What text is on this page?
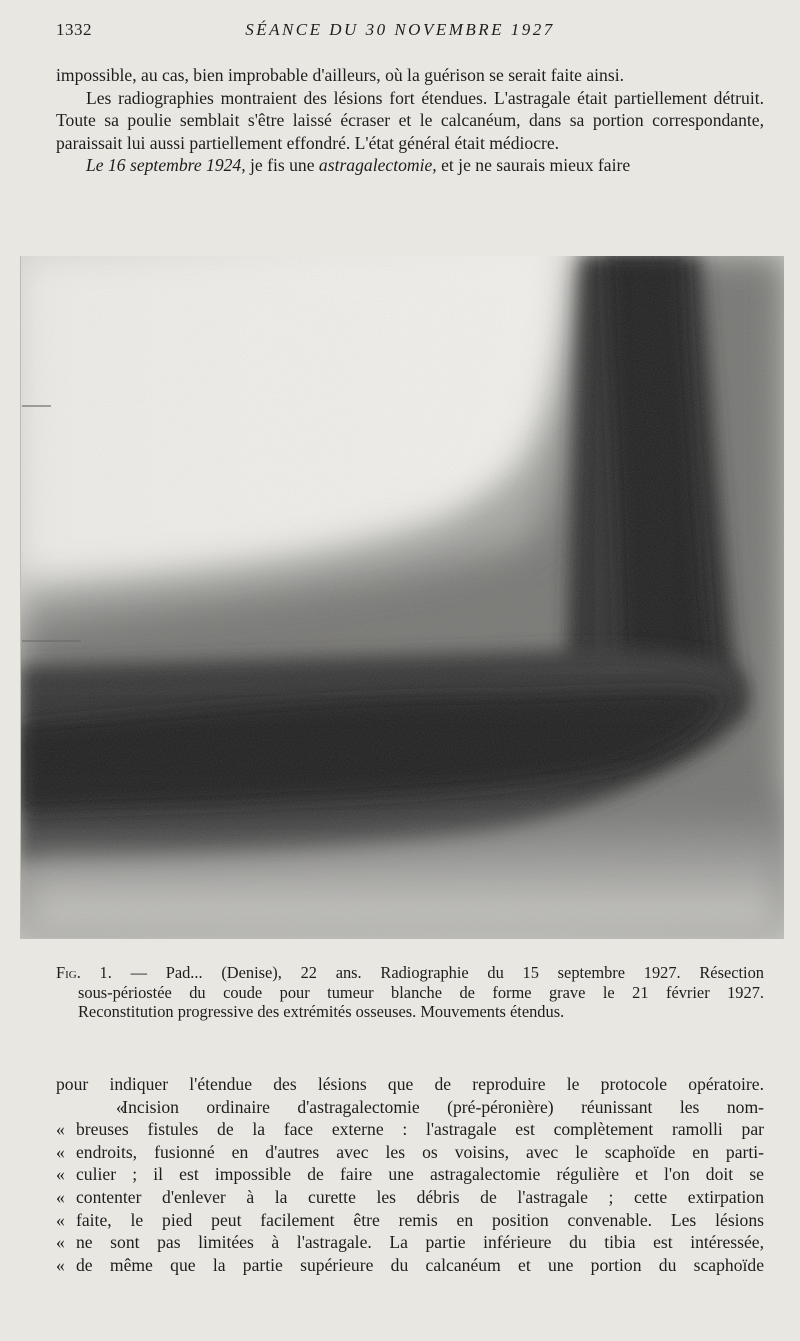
1332	SÉANCE DU 30 NOVEMBRE 1927

impossible, au cas, bien improbable d'ailleurs, où la guérison se serait faite ainsi.

Les radiographies montraient des lésions fort étendues. L'astragale était partiellement détruit. Toute sa poulie semblait s'être laissé écraser et le calcanéum, dans sa portion correspondante, paraissait lui aussi partiellement effondré. L'état général était médiocre.

Le 16 septembre 1924, je fis une astragalectomie, et je ne saurais mieux faire

Fig. 1. — Pad... (Denise), 22 ans. Radiographie du 15 septembre 1927. Résection
sous-périostée du coude pour tumeur blanche de forme grave le 21 février 1927.
Reconstitution progressive des extrémités osseuses. Mouvements étendus.
pour indiquer l'étendue des lésions que de reproduire le protocole opératoire.
« Incision ordinaire d'astragalectomie (pré-péronière) réunissant les nom-
« breuses fistules de la face externe : l'astragale est complètement ramolli par
« endroits, fusionné en d'autres avec les os voisins, avec le scaphoïde en parti-
« culier ; il est impossible de faire une astragalectomie régulière et l'on doit se
« contenter d'enlever à la curette les débris de l'astragale ; cette extirpation
« faite, le pied peut facilement être remis en position convenable. Les lésions
« ne sont pas limitées à l'astragale. La partie inférieure du tibia est intéressée,
« de même que la partie supérieure du calcanéum et une portion du scaphoïde
